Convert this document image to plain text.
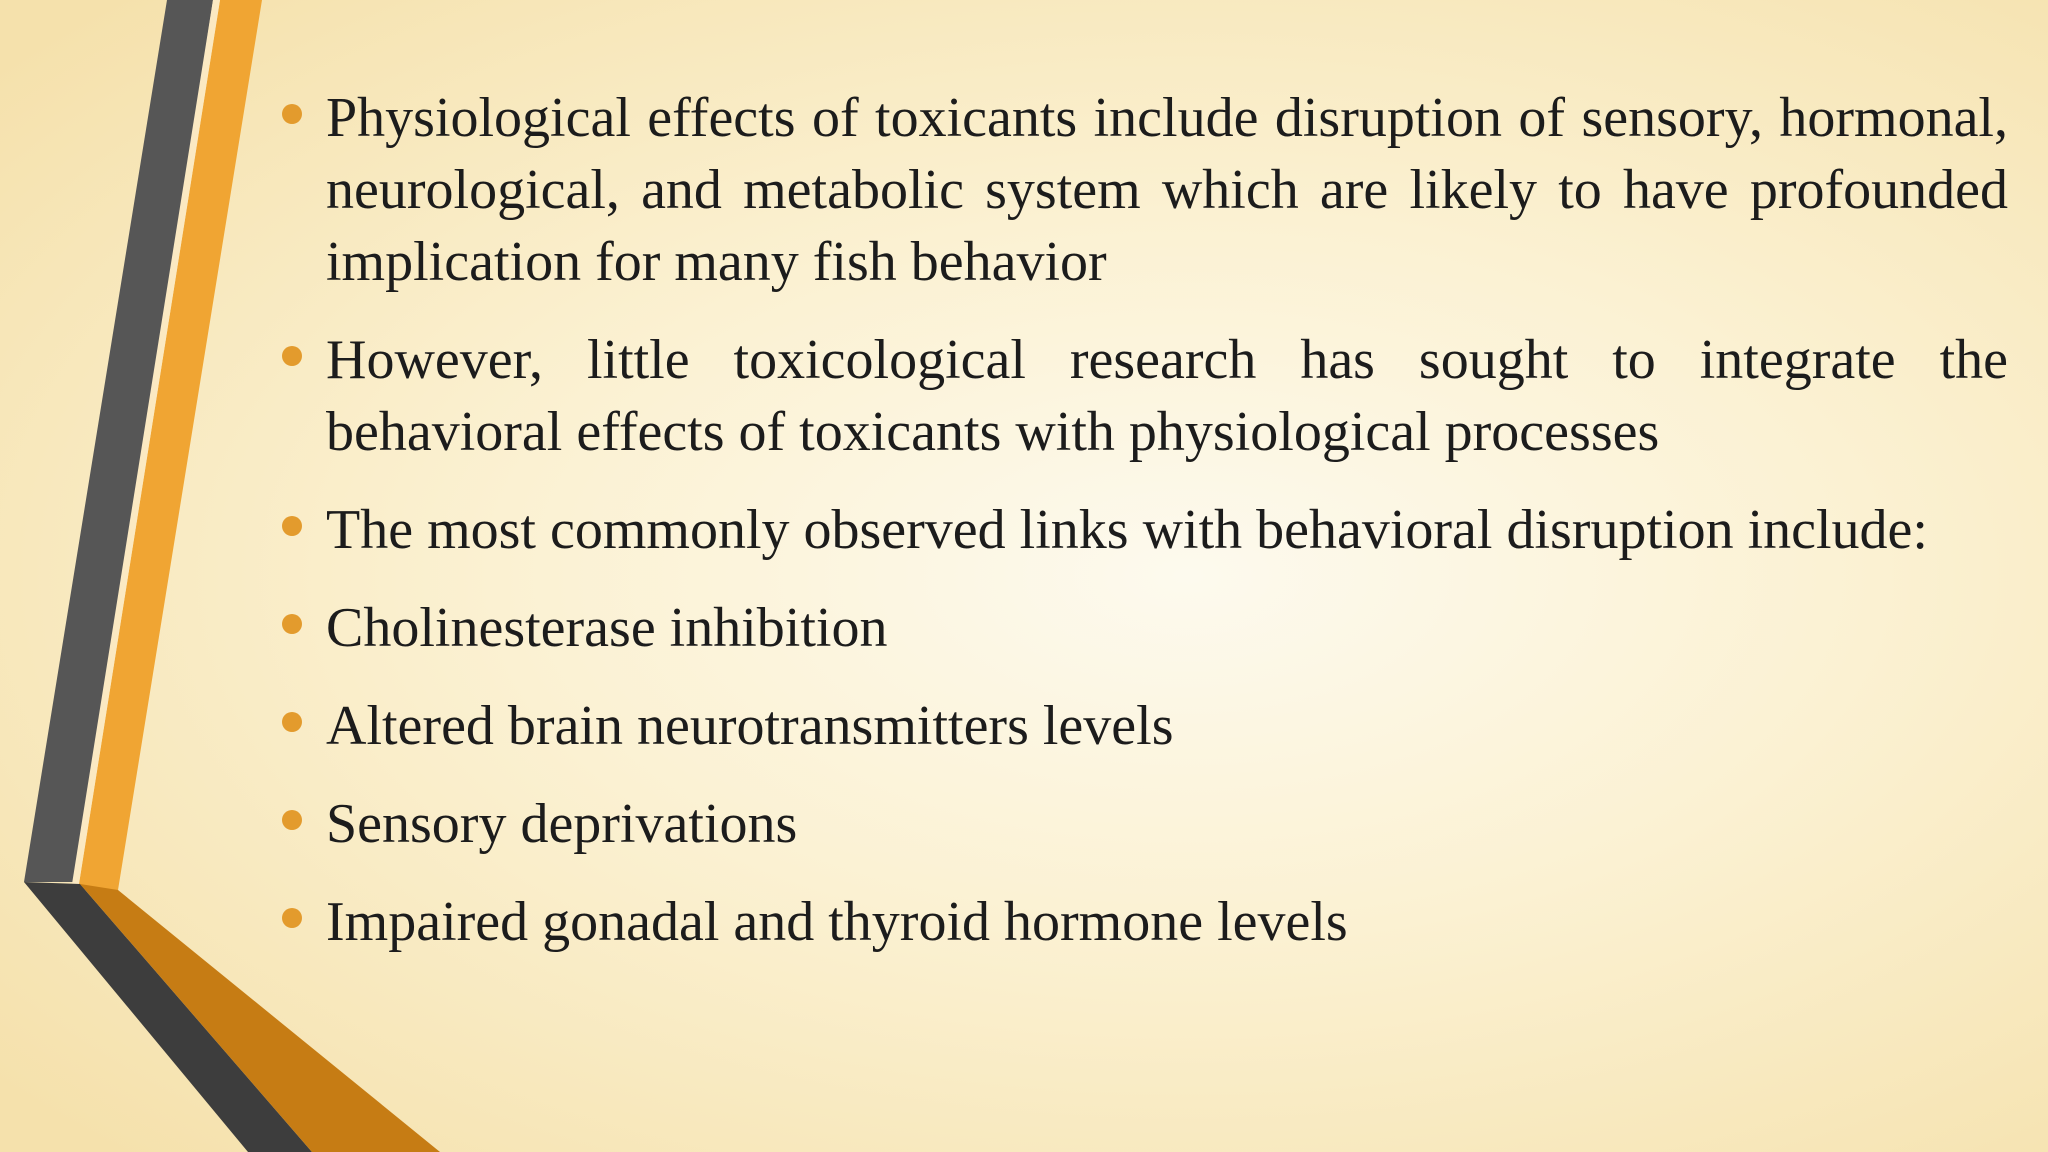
Physiological effects of toxicants include disruption of sensory, hormonal, neurological, and metabolic system which are likely to have profounded implication for many fish behavior
However, little toxicological research has sought to integrate the behavioral effects of toxicants with physiological processes
The most commonly observed links with behavioral disruption include:
Cholinesterase inhibition
Altered brain neurotransmitters levels
Sensory deprivations
Impaired gonadal and thyroid hormone levels
